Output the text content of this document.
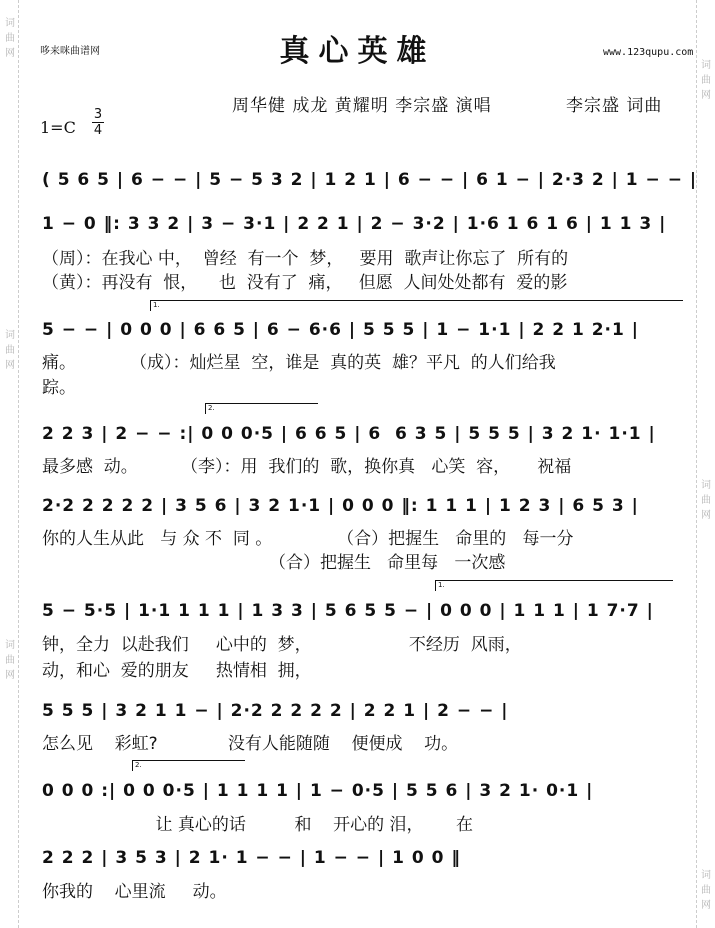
词
曲
网
词
曲
网
词
曲
网
词
曲
网
词
曲
网
词
曲
网
哆来咪曲谱网	真心英雄	www.123qupu.com
周华健 成龙 黄耀明 李宗盛 演唱	李宗盛 词曲
1=C
3
4
1.
2.
1.
2.
( 5 6 5 | 6 − − | 5 − 5 3 2 | 1 2 1 | 6 − − | 6 1 − | 2·3 2 | 1 − − |
1 − 0 ‖: 3 3 2 | 3 − 3·1 | 2 2 1 | 2 − 3·2 | 1·6 1 6 1 6 | 1 1 3 |
（周）：在我心 中，  曾经  有一个  梦，   要用  歌声让你忘了  所有的
（黄）：再没有  恨，    也  没有了  痛，   但愿  人间处处都有  爱的影
5 − − | 0 0 0 | 6 6 5 | 6 − 6·6 | 5 5 5 | 1 − 1·1 | 2 2 1 2·1 |
痛。          （成）：灿烂星  空，谁是  真的英  雄？平凡  的人们给我
踪。
2 2 3 | 2 − − :| 0 0 0·5 | 6 6 5 | 6  6 3 5 | 5 5 5 | 3 2 1· 1·1 |
最多感  动。        （李）：用  我们的  歌，换你真   心笑  容，     祝福
2·2 2 2 2 2 | 3 5 6 | 3 2 1·1 | 0 0 0 ‖: 1 1 1 | 1 2 3 | 6 5 3 |
你的人生从此   与 众 不  同 。            （合）把握生   命里的   每一分
（合）把握生   命里每   一次感
5 − 5·5 | 1·1 1 1 1 | 1 3 3 | 5 6 5 5 − | 0 0 0 | 1 1 1 | 1 7·7 |
钟，全力  以赴我们     心中的  梦，                  不经历  风雨，
动，和心  爱的朋友     热情相  拥，
5 5 5 | 3 2 1 1 − | 2·2 2 2 2 2 | 2 2 1 | 2 − − |
怎么见    彩虹?             没有人能随随    便便成    功。
0 0 0 :| 0 0 0·5 | 1 1 1 1 | 1 − 0·5 | 5 5 6 | 3 2 1· 0·1 |
让 真心的话         和    开心的 泪，      在
2 2 2 | 3 5 3 | 2 1· 1 − − | 1 − − | 1 0 0 ‖
你我的    心里流     动。
